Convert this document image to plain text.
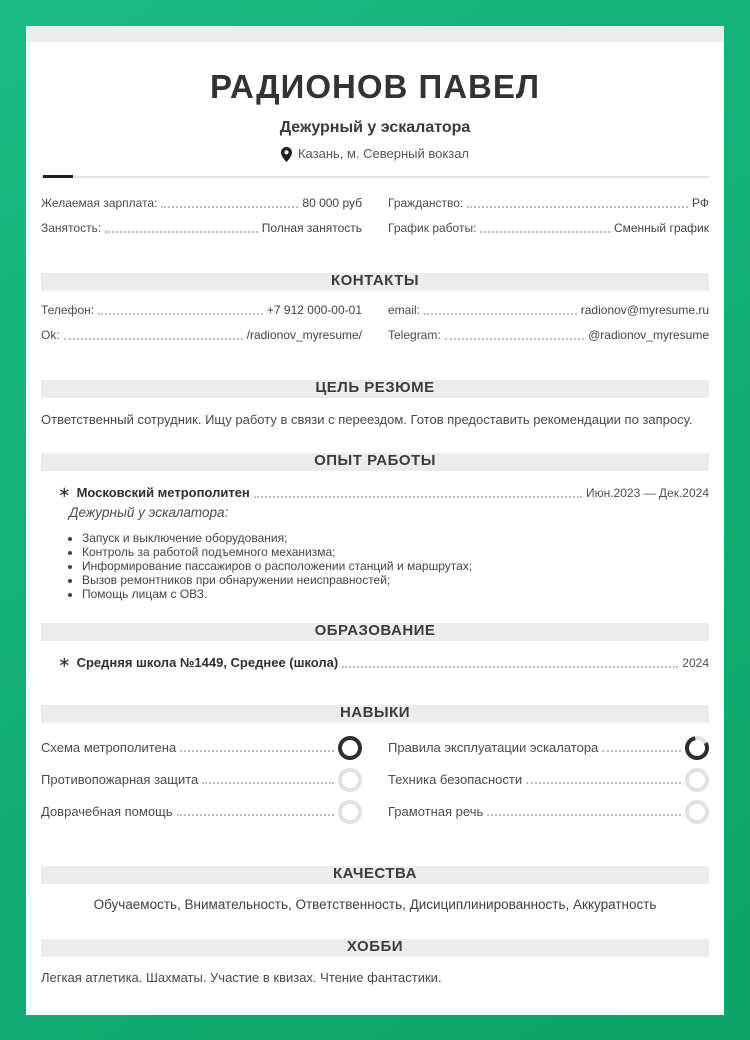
РАДИОНОВ ПАВЕЛ
Дежурный у эскалатора
Казань, м. Северный вокзал
Желаемая зарплата:	80 000 руб Гражданство:	РФ
Занятость:	Полная занятость График работы:	Сменный график
КОНТАКТЫ
Телефон:	+7 912 000-00-01 email:	radionov@myresume.ru
Ok:	/radionov_myresume/ Telegram:	@radionov_myresume
ЦЕЛЬ РЕЗЮМЕ

Ответственный сотрудник. Ищу работу в связи с переездом. Готов предоставить рекомендации по запросу.

ОПЫТ РАБОТЫ
∗ Московский метрополитен	Июн.2023 — Дек.2024
Дежурный у эскалатора:
• Запуск и выключение оборудования;
• Контроль за работой подъемного механизма;
• Информирование пассажиров о расположении станций и маршрутах;
• Вызов ремонтников при обнаружении неисправностей;
• Помощь лицам с ОВЗ.
ОБРАЗОВАНИЕ
∗ Средняя школа №1449, Среднее (школа)	2024
НАВЫКИ
Схема метрополитена	Правила эксплуатации эскалатора
Противопожарная защита	Техника безопасности
Доврачебная помощь	Грамотная речь
КАЧЕСТВА

Обучаемость, Внимательность, Ответственность, Дисициплинированность, Аккуратность

ХОББИ

Легкая атлетика. Шахматы. Участие в квизах. Чтение фантастики.
